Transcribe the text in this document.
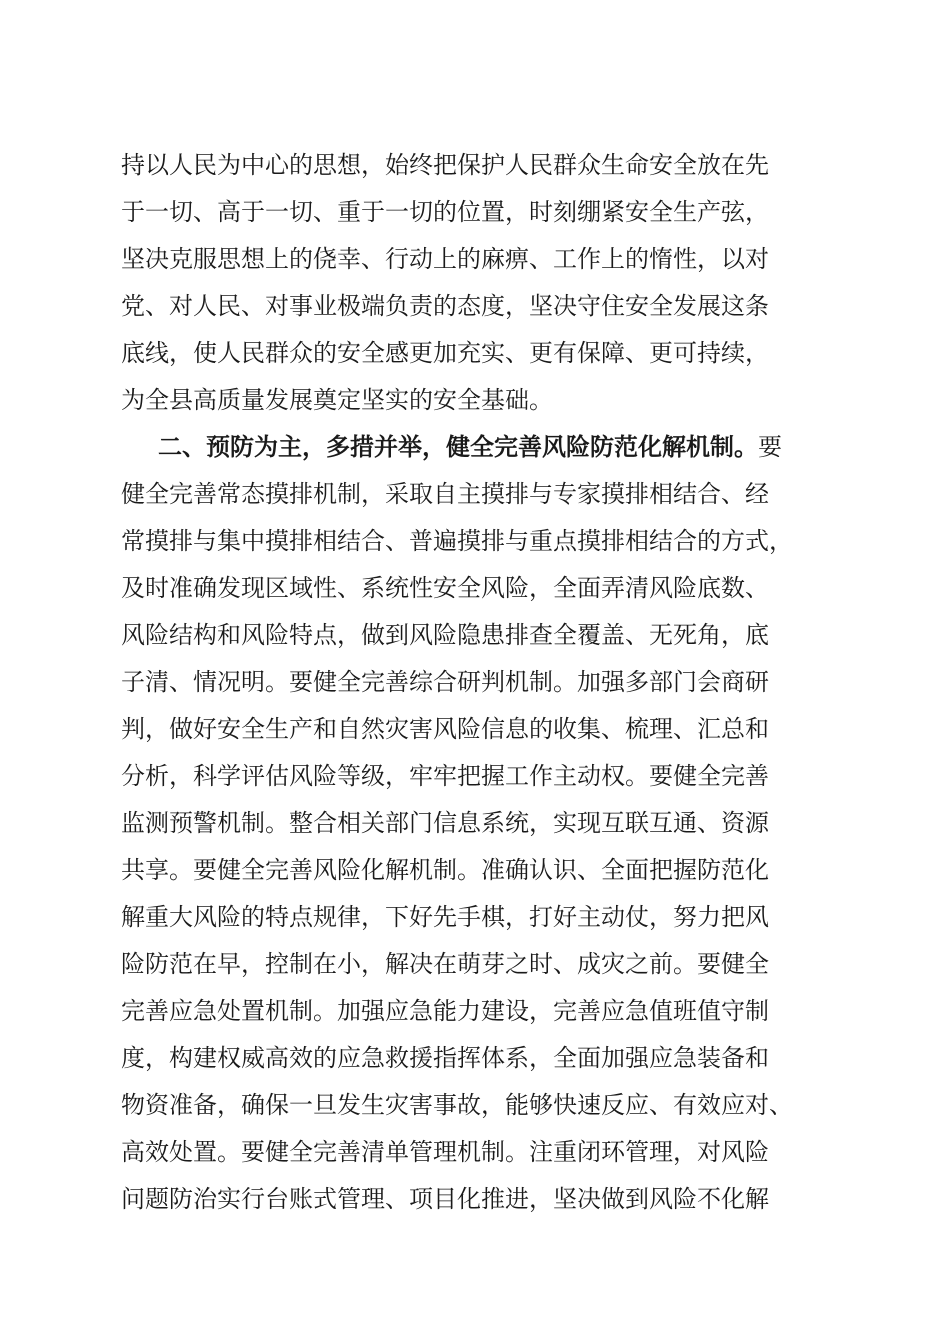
持以人民为中心的思想，始终把保护人民群众生命安全放在先
于一切、高于一切、重于一切的位置，时刻绷紧安全生产弦，
坚决克服思想上的侥幸、行动上的麻痹、工作上的惰性，以对
党、对人民、对事业极端负责的态度，坚决守住安全发展这条
底线，使人民群众的安全感更加充实、更有保障、更可持续，
为全县高质量发展奠定坚实的安全基础。
二、预防为主，多措并举，健全完善风险防范化解机制。要
健全完善常态摸排机制，采取自主摸排与专家摸排相结合、经
常摸排与集中摸排相结合、普遍摸排与重点摸排相结合的方式，
及时准确发现区域性、系统性安全风险，全面弄清风险底数、
风险结构和风险特点，做到风险隐患排查全覆盖、无死角，底
子清、情况明。要健全完善综合研判机制。加强多部门会商研
判，做好安全生产和自然灾害风险信息的收集、梳理、汇总和
分析，科学评估风险等级，牢牢把握工作主动权。要健全完善
监测预警机制。整合相关部门信息系统，实现互联互通、资源
共享。要健全完善风险化解机制。准确认识、全面把握防范化
解重大风险的特点规律，下好先手棋，打好主动仗，努力把风
险防范在早，控制在小，解决在萌芽之时、成灾之前。要健全
完善应急处置机制。加强应急能力建设，完善应急值班值守制
度，构建权威高效的应急救援指挥体系，全面加强应急装备和
物资准备，确保一旦发生灾害事故，能够快速反应、有效应对、
高效处置。要健全完善清单管理机制。注重闭环管理，对风险
问题防治实行台账式管理、项目化推进，坚决做到风险不化解
